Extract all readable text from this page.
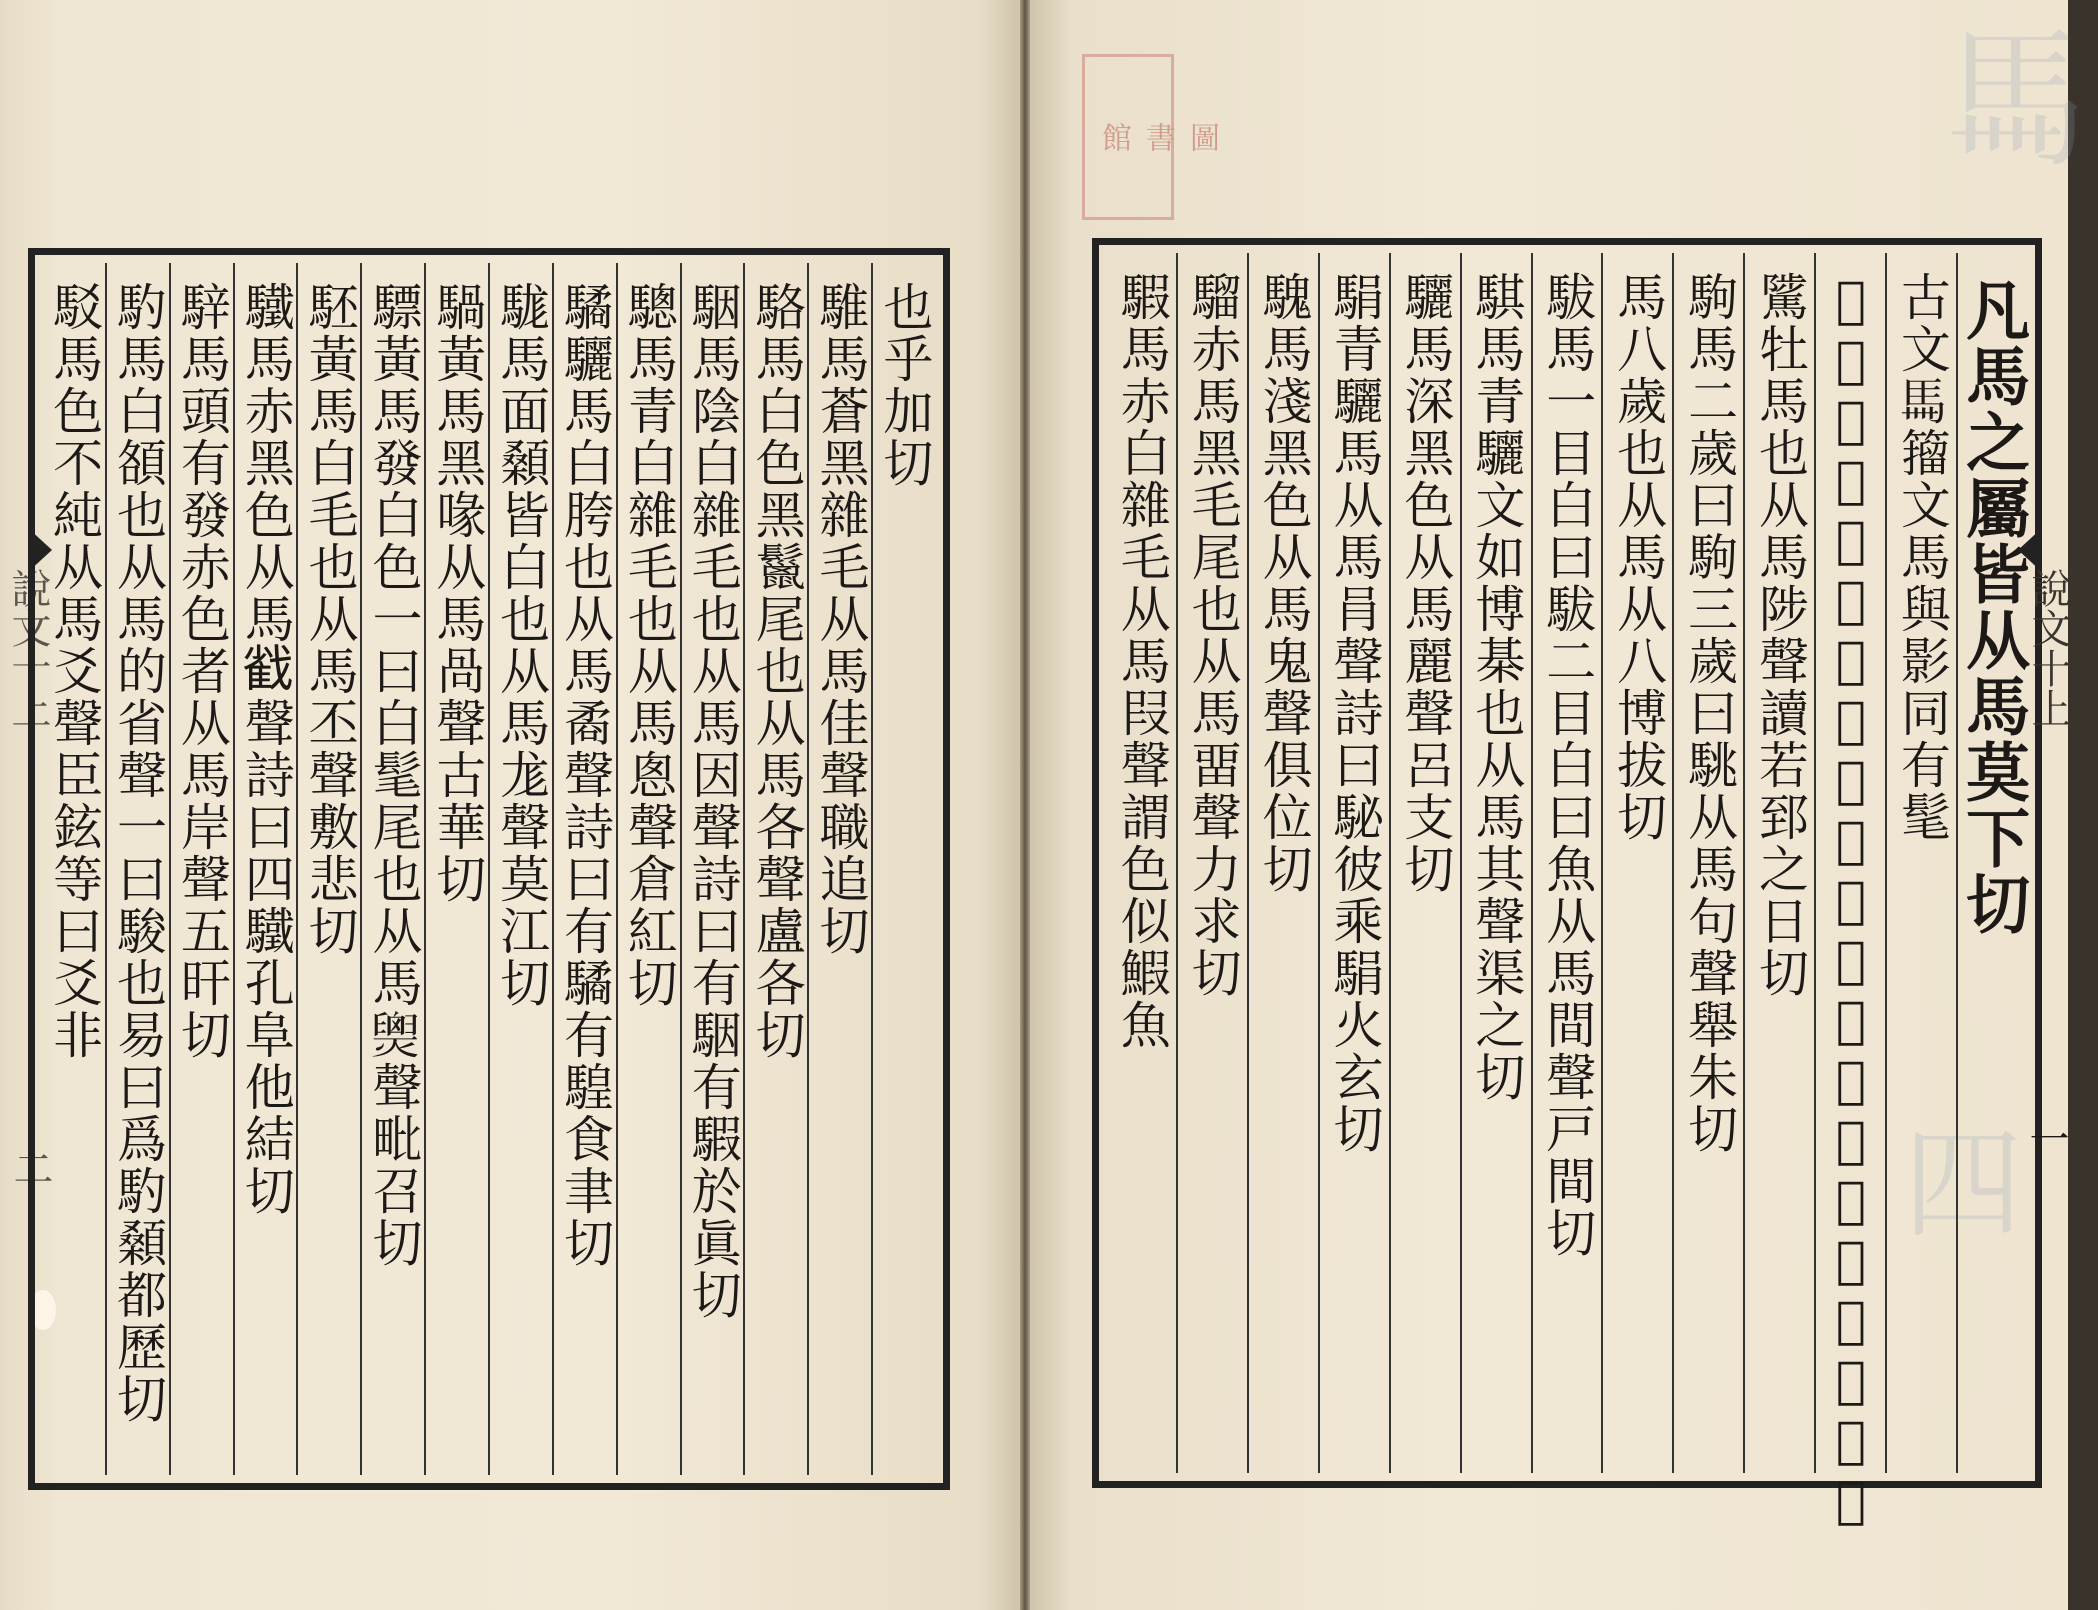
說文十上
二
𩡧
四
圖
書
館
凡馬之屬皆从馬莫下切
古文𩡧籀文馬與影同有髦
𩣥馬一歲也从馬一絆其足讀若弦一曰若環戸關切
騭牡馬也从馬陟聲讀若郅之日切
駒馬二歲曰駒三歲曰駣从馬句聲舉朱切
馬八歲也从馬从八博拔切
䮂馬一目白曰䮂二目白曰魚从馬間聲戸間切
騏馬青驪文如博棊也从馬其聲渠之切
驪馬深黑色从馬麗聲呂支切
駽青驪馬从馬肙聲詩曰駜彼乘駽火玄切
騩馬淺黑色从馬鬼聲俱位切
騮赤馬黑毛尾也从馬畱聲力求切
騢馬赤白雜毛从馬叚聲謂色似鰕魚	說文十上
一
也乎加切
騅馬蒼黑雜毛从馬佳聲職追切
駱馬白色黑鬣尾也从馬各聲盧各切
駰馬陰白雜毛也从馬因聲詩曰有駰有騢於眞切
驄馬青白雜毛也从馬悤聲倉紅切
驈驪馬白胯也从馬矞聲詩曰有驈有騜食聿切
駹馬面顙皆白也从馬尨聲莫江切
騧黃馬黑喙从馬咼聲古華切
驃黃馬發白色一曰白髦尾也从馬𤐫聲毗召切
駓黃馬白毛也从馬丕聲敷悲切
驖馬赤黑色从馬𢧵聲詩曰四驖孔阜他結切
騂馬頭有發赤色者从馬岸聲五旰切
馰馬白頟也从馬的省聲一曰駿也易曰爲馰顙都歷切
駁馬色不純从馬爻聲臣鉉等曰爻非
